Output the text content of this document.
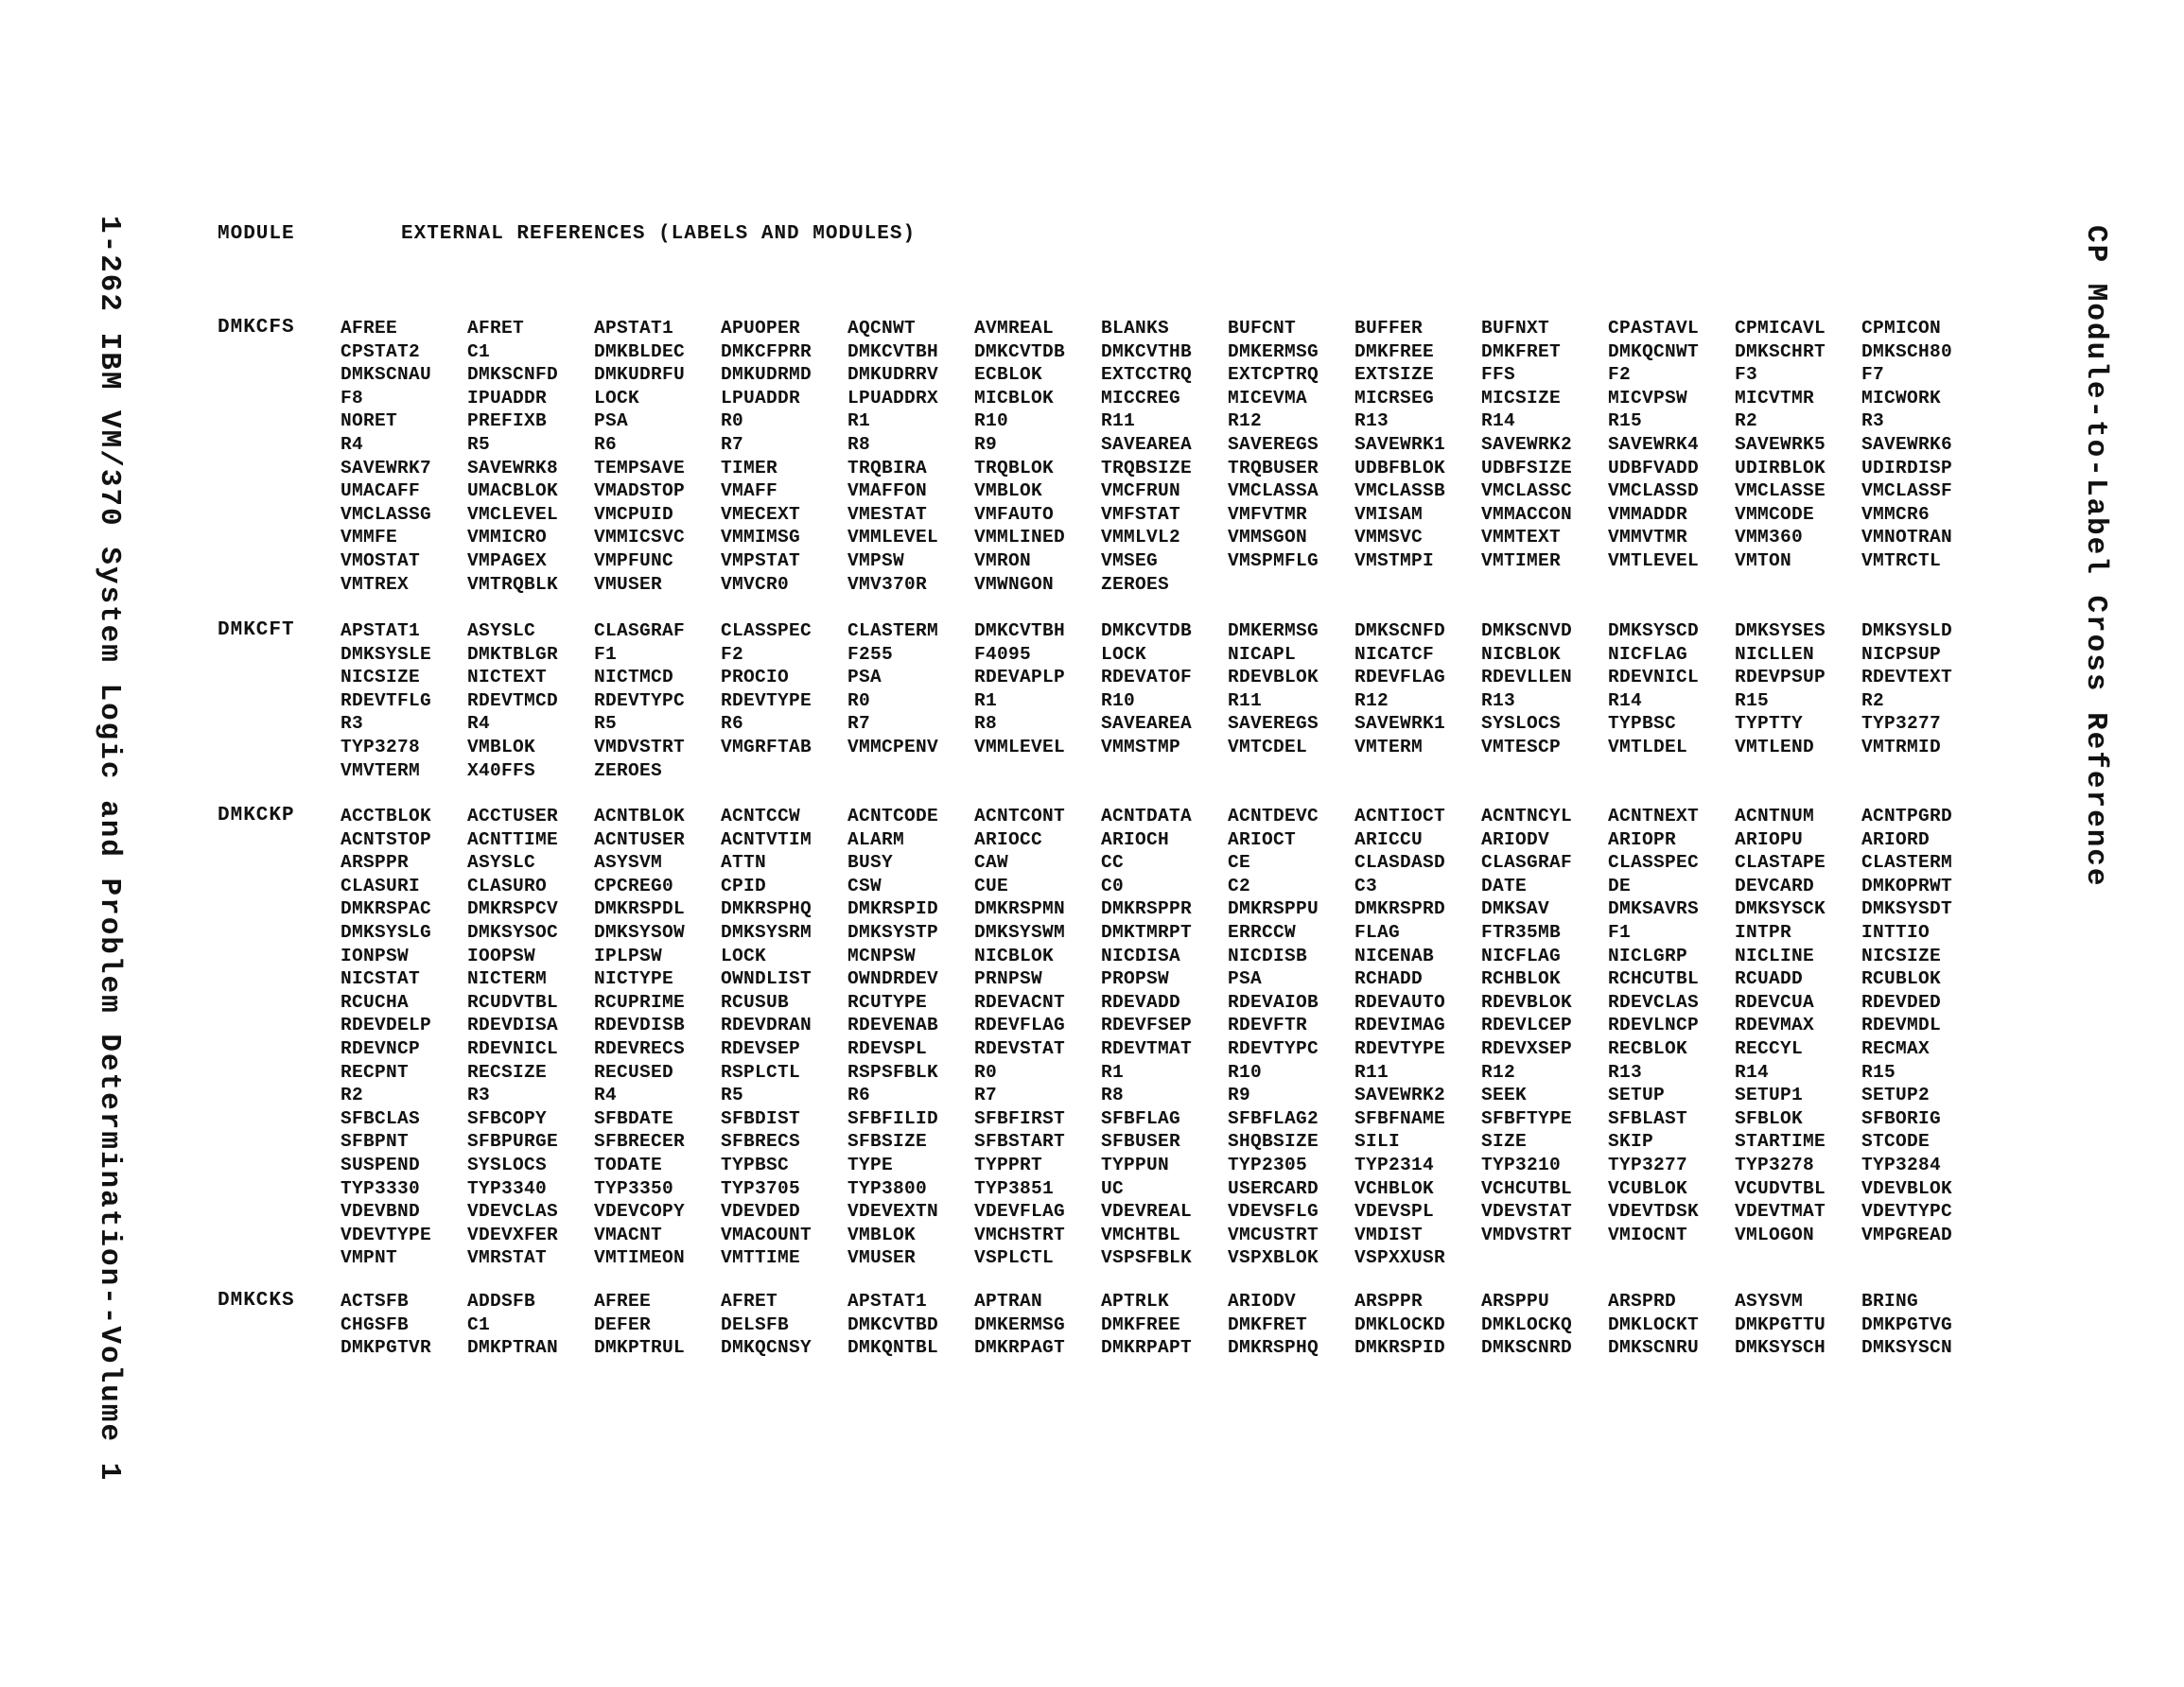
1-262 IBM VM/370 System Logic and Problem Determination--Volume 1	CP Module-to-Label Cross Reference
MODULE	EXTERNAL REFERENCES (LABELS AND MODULES)
DMKCFS AFREE	AFRET	APSTAT1	APUOPER	AQCNWT	AVMREAL	BLANKS	BUFCNT	BUFFER	BUFNXT	CPASTAVL	CPMICAVL	CPMICON
CPSTAT2	C1	DMKBLDEC	DMKCFPRR	DMKCVTBH	DMKCVTDB	DMKCVTHB	DMKERMSG	DMKFREE	DMKFRET	DMKQCNWT	DMKSCHRT	DMKSCH80
DMKSCNAU	DMKSCNFD	DMKUDRFU	DMKUDRMD	DMKUDRRV	ECBLOK	EXTCCTRQ	EXTCPTRQ	EXTSIZE	FFS	F2	F3	F7
F8	IPUADDR	LOCK	LPUADDR	LPUADDRX	MICBLOK	MICCREG	MICEVMA	MICRSEG	MICSIZE	MICVPSW	MICVTMR	MICWORK
NORET	PREFIXB	PSA	R0	R1	R10	R11	R12	R13	R14	R15	R2	R3
R4	R5	R6	R7	R8	R9	SAVEAREA	SAVEREGS	SAVEWRK1	SAVEWRK2	SAVEWRK4	SAVEWRK5	SAVEWRK6
SAVEWRK7	SAVEWRK8	TEMPSAVE	TIMER	TRQBIRA	TRQBLOK	TRQBSIZE	TRQBUSER	UDBFBLOK	UDBFSIZE	UDBFVADD	UDIRBLOK	UDIRDISP
UMACAFF	UMACBLOK	VMADSTOP	VMAFF	VMAFFON	VMBLOK	VMCFRUN	VMCLASSA	VMCLASSB	VMCLASSC	VMCLASSD	VMCLASSE	VMCLASSF
VMCLASSG	VMCLEVEL	VMCPUID	VMECEXT	VMESTAT	VMFAUTO	VMFSTAT	VMFVTMR	VMISAM	VMMACCON	VMMADDR	VMMCODE	VMMCR6
VMMFE	VMMICRO	VMMICSVC	VMMIMSG	VMMLEVEL	VMMLINED	VMMLVL2	VMMSGON	VMMSVC	VMMTEXT	VMMVTMR	VMM360	VMNOTRAN
VMOSTAT	VMPAGEX	VMPFUNC	VMPSTAT	VMPSW	VMRON	VMSEG	VMSPMFLG	VMSTMPI	VMTIMER	VMTLEVEL	VMTON	VMTRCTL
VMTREX	VMTRQBLK	VMUSER	VMVCR0	VMV370R	VMWNGON	ZEROES
DMKCFT APSTAT1	ASYSLC	CLASGRAF	CLASSPEC	CLASTERM	DMKCVTBH	DMKCVTDB	DMKERMSG	DMKSCNFD	DMKSCNVD	DMKSYSCD	DMKSYSES	DMKSYSLD
DMKSYSLE	DMKTBLGR	F1	F2	F255	F4095	LOCK	NICAPL	NICATCF	NICBLOK	NICFLAG	NICLLEN	NICPSUP
NICSIZE	NICTEXT	NICTMCD	PROCIO	PSA	RDEVAPLP	RDEVATOF	RDEVBLOK	RDEVFLAG	RDEVLLEN	RDEVNICL	RDEVPSUP	RDEVTEXT
RDEVTFLG	RDEVTMCD	RDEVTYPC	RDEVTYPE	R0	R1	R10	R11	R12	R13	R14	R15	R2
R3	R4	R5	R6	R7	R8	SAVEAREA	SAVEREGS	SAVEWRK1	SYSLOCS	TYPBSC	TYPTTY	TYP3277
TYP3278	VMBLOK	VMDVSTRT	VMGRFTAB	VMMCPENV	VMMLEVEL	VMMSTMP	VMTCDEL	VMTERM	VMTESCP	VMTLDEL	VMTLEND	VMTRMID
VMVTERM	X40FFS	ZEROES
DMKCKP ACCTBLOK	ACCTUSER	ACNTBLOK	ACNTCCW	ACNTCODE	ACNTCONT	ACNTDATA	ACNTDEVC	ACNTIOCT	ACNTNCYL	ACNTNEXT	ACNTNUM	ACNTPGRD
ACNTSTOP	ACNTTIME	ACNTUSER	ACNTVTIM	ALARM	ARIOCC	ARIOCH	ARIOCT	ARICCU	ARIODV	ARIOPR	ARIOPU	ARIORD
ARSPPR	ASYSLC	ASYSVM	ATTN	BUSY	CAW	CC	CE	CLASDASD	CLASGRAF	CLASSPEC	CLASTAPE	CLASTERM
CLASURI	CLASURO	CPCREG0	CPID	CSW	CUE	C0	C2	C3	DATE	DE	DEVCARD	DMKOPRWT
DMKRSPAC	DMKRSPCV	DMKRSPDL	DMKRSPHQ	DMKRSPID	DMKRSPMN	DMKRSPPR	DMKRSPPU	DMKRSPRD	DMKSAV	DMKSAVRS	DMKSYSCK	DMKSYSDT
DMKSYSLG	DMKSYSOC	DMKSYSOW	DMKSYSRM	DMKSYSTP	DMKSYSWM	DMKTMRPT	ERRCCW	FLAG	FTR35MB	F1	INTPR	INTTIO
IONPSW	IOOPSW	IPLPSW	LOCK	MCNPSW	NICBLOK	NICDISA	NICDISB	NICENAB	NICFLAG	NICLGRP	NICLINE	NICSIZE
NICSTAT	NICTERM	NICTYPE	OWNDLIST	OWNDRDEV	PRNPSW	PROPSW	PSA	RCHADD	RCHBLOK	RCHCUTBL	RCUADD	RCUBLOK
RCUCHA	RCUDVTBL	RCUPRIME	RCUSUB	RCUTYPE	RDEVACNT	RDEVADD	RDEVAIOB	RDEVAUTO	RDEVBLOK	RDEVCLAS	RDEVCUA	RDEVDED
RDEVDELP	RDEVDISA	RDEVDISB	RDEVDRAN	RDEVENAB	RDEVFLAG	RDEVFSEP	RDEVFTR	RDEVIMAG	RDEVLCEP	RDEVLNCP	RDEVMAX	RDEVMDL
RDEVNCP	RDEVNICL	RDEVRECS	RDEVSEP	RDEVSPL	RDEVSTAT	RDEVTMAT	RDEVTYPC	RDEVTYPE	RDEVXSEP	RECBLOK	RECCYL	RECMAX
RECPNT	RECSIZE	RECUSED	RSPLCTL	RSPSFBLK	R0	R1	R10	R11	R12	R13	R14	R15
R2	R3	R4	R5	R6	R7	R8	R9	SAVEWRK2	SEEK	SETUP	SETUP1	SETUP2
SFBCLAS	SFBCOPY	SFBDATE	SFBDIST	SFBFILID	SFBFIRST	SFBFLAG	SFBFLAG2	SFBFNAME	SFBFTYPE	SFBLAST	SFBLOK	SFBORIG
SFBPNT	SFBPURGE	SFBRECER	SFBRECS	SFBSIZE	SFBSTART	SFBUSER	SHQBSIZE	SILI	SIZE	SKIP	STARTIME	STCODE
SUSPEND	SYSLOCS	TODATE	TYPBSC	TYPE	TYPPRT	TYPPUN	TYP2305	TYP2314	TYP3210	TYP3277	TYP3278	TYP3284
TYP3330	TYP3340	TYP3350	TYP3705	TYP3800	TYP3851	UC	USERCARD	VCHBLOK	VCHCUTBL	VCUBLOK	VCUDVTBL	VDEVBLOK
VDEVBND	VDEVCLAS	VDEVCOPY	VDEVDED	VDEVEXTN	VDEVFLAG	VDEVREAL	VDEVSFLG	VDEVSPL	VDEVSTAT	VDEVTDSK	VDEVTMAT	VDEVTYPC
VDEVTYPE	VDEVXFER	VMACNT	VMACOUNT	VMBLOK	VMCHSTRT	VMCHTBL	VMCUSTRT	VMDIST	VMDVSTRT	VMIOCNT	VMLOGON	VMPGREAD
VMPNT	VMRSTAT	VMTIMEON	VMTTIME	VMUSER	VSPLCTL	VSPSFBLK	VSPXBLOK	VSPXXUSR
DMKCKS ACTSFB	ADDSFB	AFREE	AFRET	APSTAT1	APTRAN	APTRLK	ARIODV	ARSPPR	ARSPPU	ARSPRD	ASYSVM	BRING
CHGSFB	C1	DEFER	DELSFB	DMKCVTBD	DMKERMSG	DMKFREE	DMKFRET	DMKLOCKD	DMKLOCKQ	DMKLOCKT	DMKPGTTU	DMKPGTVG
DMKPGTVR	DMKPTRAN	DMKPTRUL	DMKQCNSY	DMKQNTBL	DMKRPAGT	DMKRPAPT	DMKRSPHQ	DMKRSPID	DMKSCNRD	DMKSCNRU	DMKSYSCH	DMKSYSCN
